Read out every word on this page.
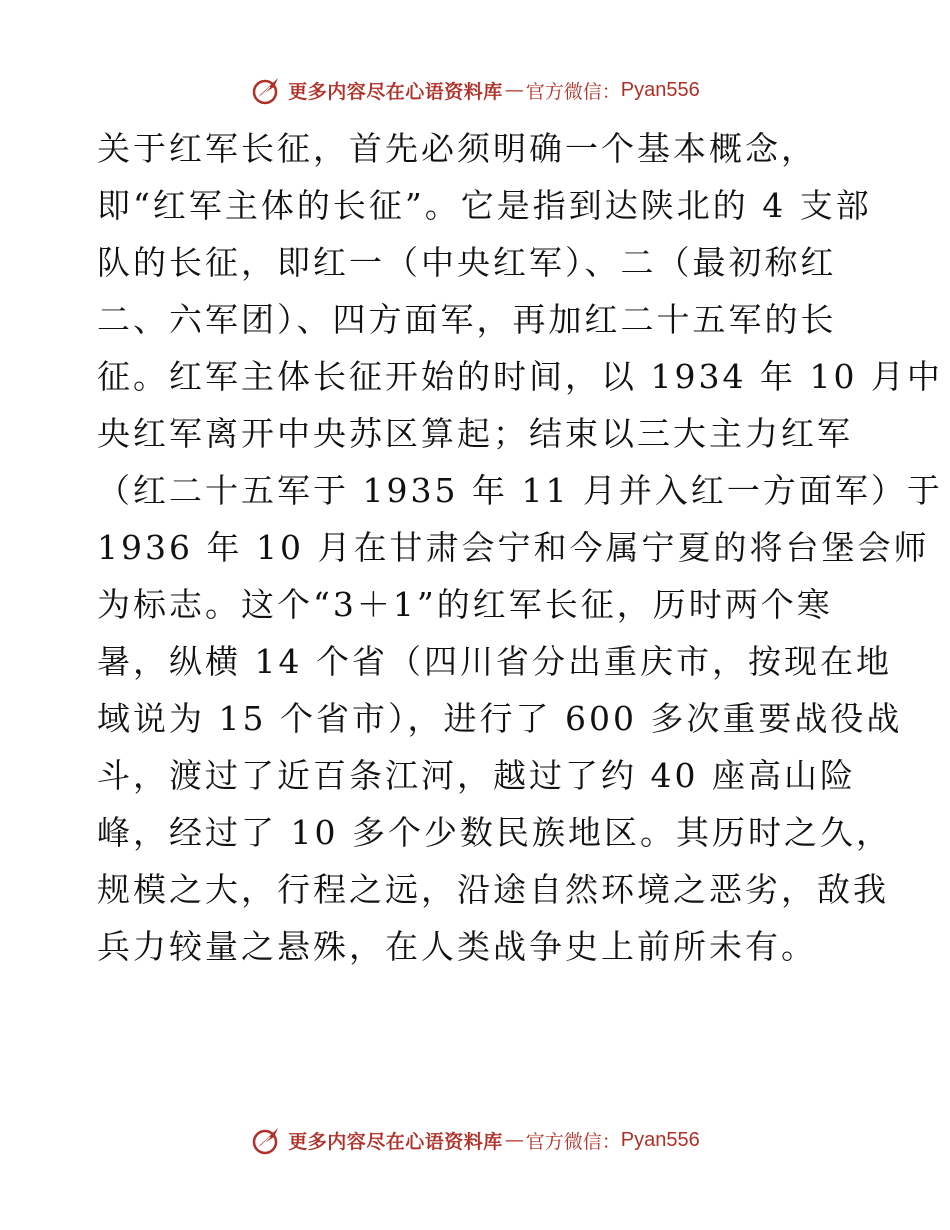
更多内容尽在心语资料库 — 官方微信： Pyan556
关于红军长征，首先必须明确一个基本概念，
即“红军主体的长征”。它是指到达陕北的 4 支部
队的长征，即红一（中央红军）、二（最初称红
二、六军团）、四方面军，再加红二十五军的长
征。红军主体长征开始的时间，以 1934 年 10 月中
央红军离开中央苏区算起；结束以三大主力红军
（红二十五军于 1935 年 11 月并入红一方面军）于
1936 年 10 月在甘肃会宁和今属宁夏的将台堡会师
为标志。这个“3＋1”的红军长征，历时两个寒
暑，纵横 14 个省（四川省分出重庆市，按现在地
域说为 15 个省市），进行了 600 多次重要战役战
斗，渡过了近百条江河，越过了约 40 座高山险
峰，经过了 10 多个少数民族地区。其历时之久，
规模之大，行程之远，沿途自然环境之恶劣，敌我
兵力较量之悬殊，在人类战争史上前所未有。
更多内容尽在心语资料库 — 官方微信： Pyan556
